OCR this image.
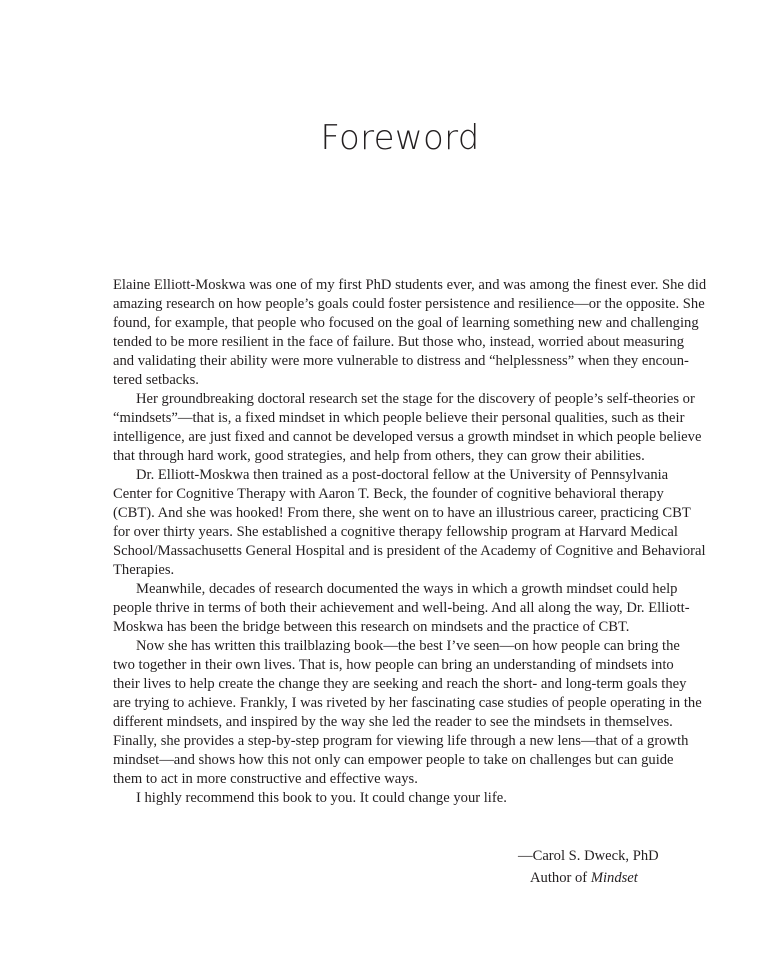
Foreword
Elaine Elliott-Moskwa was one of my first PhD students ever, and was among the finest ever. She did
amazing research on how people’s goals could foster persistence and resilience—or the opposite. She
found, for example, that people who focused on the goal of learning something new and challenging
tended to be more resilient in the face of failure. But those who, instead, worried about measuring
and validating their ability were more vulnerable to distress and “helplessness” when they encoun-
tered setbacks.
Her groundbreaking doctoral research set the stage for the discovery of people’s self-theories or
“mindsets”—that is, a fixed mindset in which people believe their personal qualities, such as their
intelligence, are just fixed and cannot be developed versus a growth mindset in which people believe
that through hard work, good strategies, and help from others, they can grow their abilities.
Dr. Elliott-Moskwa then trained as a post-doctoral fellow at the University of Pennsylvania
Center for Cognitive Therapy with Aaron T. Beck, the founder of cognitive behavioral therapy
(CBT). And she was hooked! From there, she went on to have an illustrious career, practicing CBT
for over thirty years. She established a cognitive therapy fellowship program at Harvard Medical
School/Massachusetts General Hospital and is president of the Academy of Cognitive and Behavioral
Therapies.
Meanwhile, decades of research documented the ways in which a growth mindset could help
people thrive in terms of both their achievement and well-being. And all along the way, Dr. Elliott-
Moskwa has been the bridge between this research on mindsets and the practice of CBT.
Now she has written this trailblazing book—the best I’ve seen—on how people can bring the
two together in their own lives. That is, how people can bring an understanding of mindsets into
their lives to help create the change they are seeking and reach the short- and long-term goals they
are trying to achieve. Frankly, I was riveted by her fascinating case studies of people operating in the
different mindsets, and inspired by the way she led the reader to see the mindsets in themselves.
Finally, she provides a step-by-step program for viewing life through a new lens—that of a growth
mindset—and shows how this not only can empower people to take on challenges but can guide
them to act in more constructive and effective ways.
I highly recommend this book to you. It could change your life.
—Carol S. Dweck, PhD
Author of Mindset
